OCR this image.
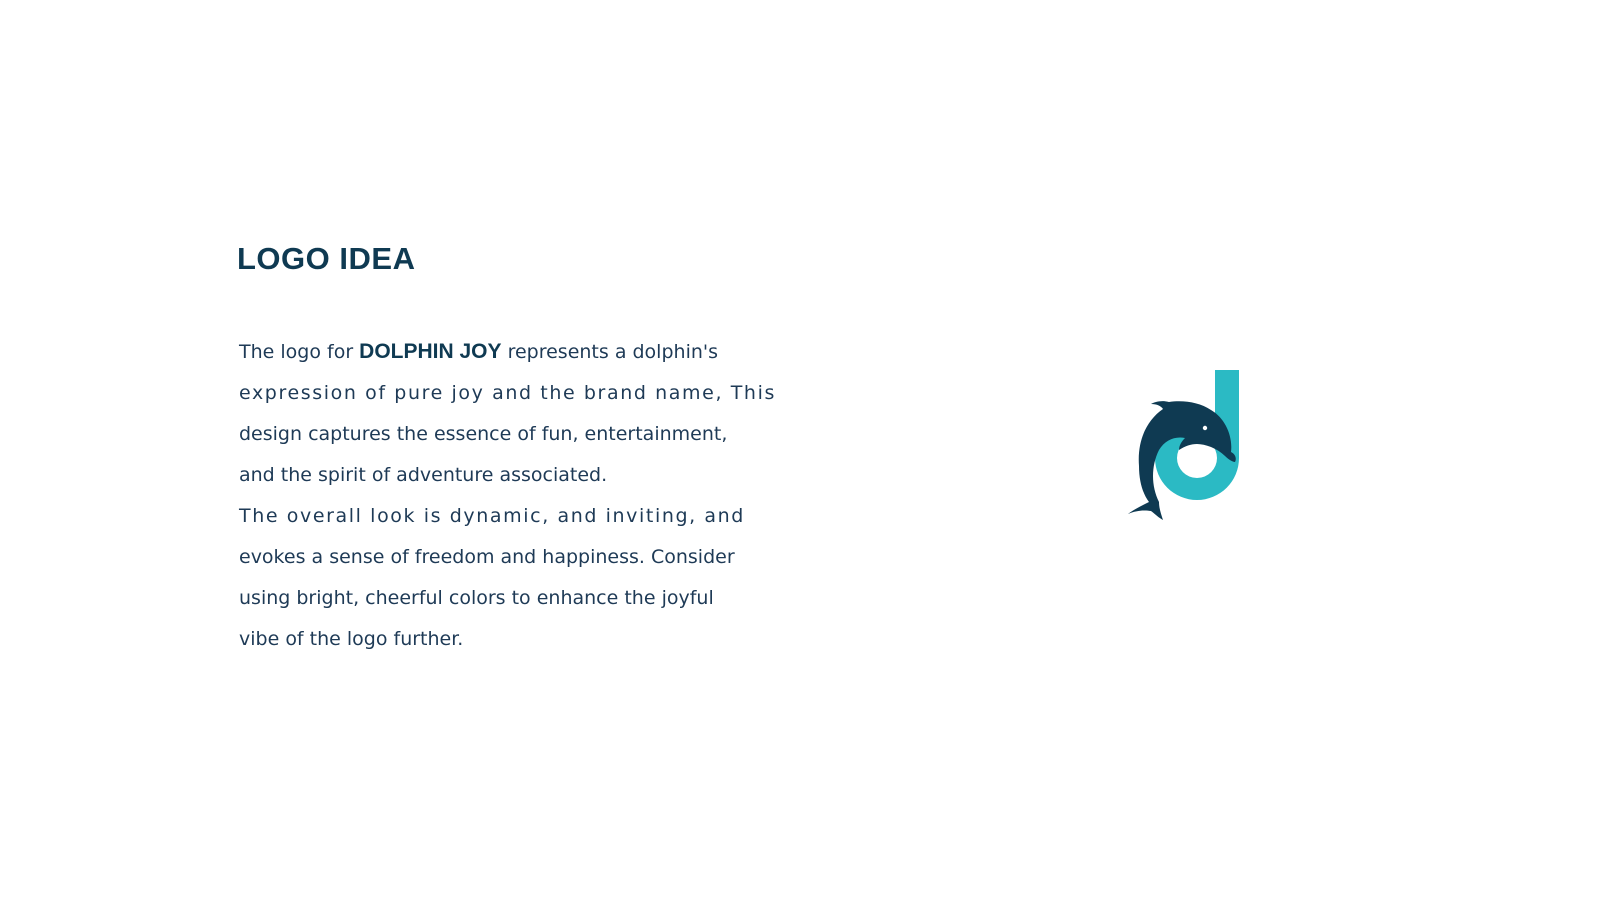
LOGO IDEA
The logo for DOLPHIN JOY represents a dolphin's
expression of pure joy and the brand name, This
design captures the essence of fun, entertainment,
and the spirit of adventure associated.
The overall look is dynamic, and inviting, and
evokes a sense of freedom and happiness. Consider
using bright, cheerful colors to enhance the joyful
vibe of the logo further.
